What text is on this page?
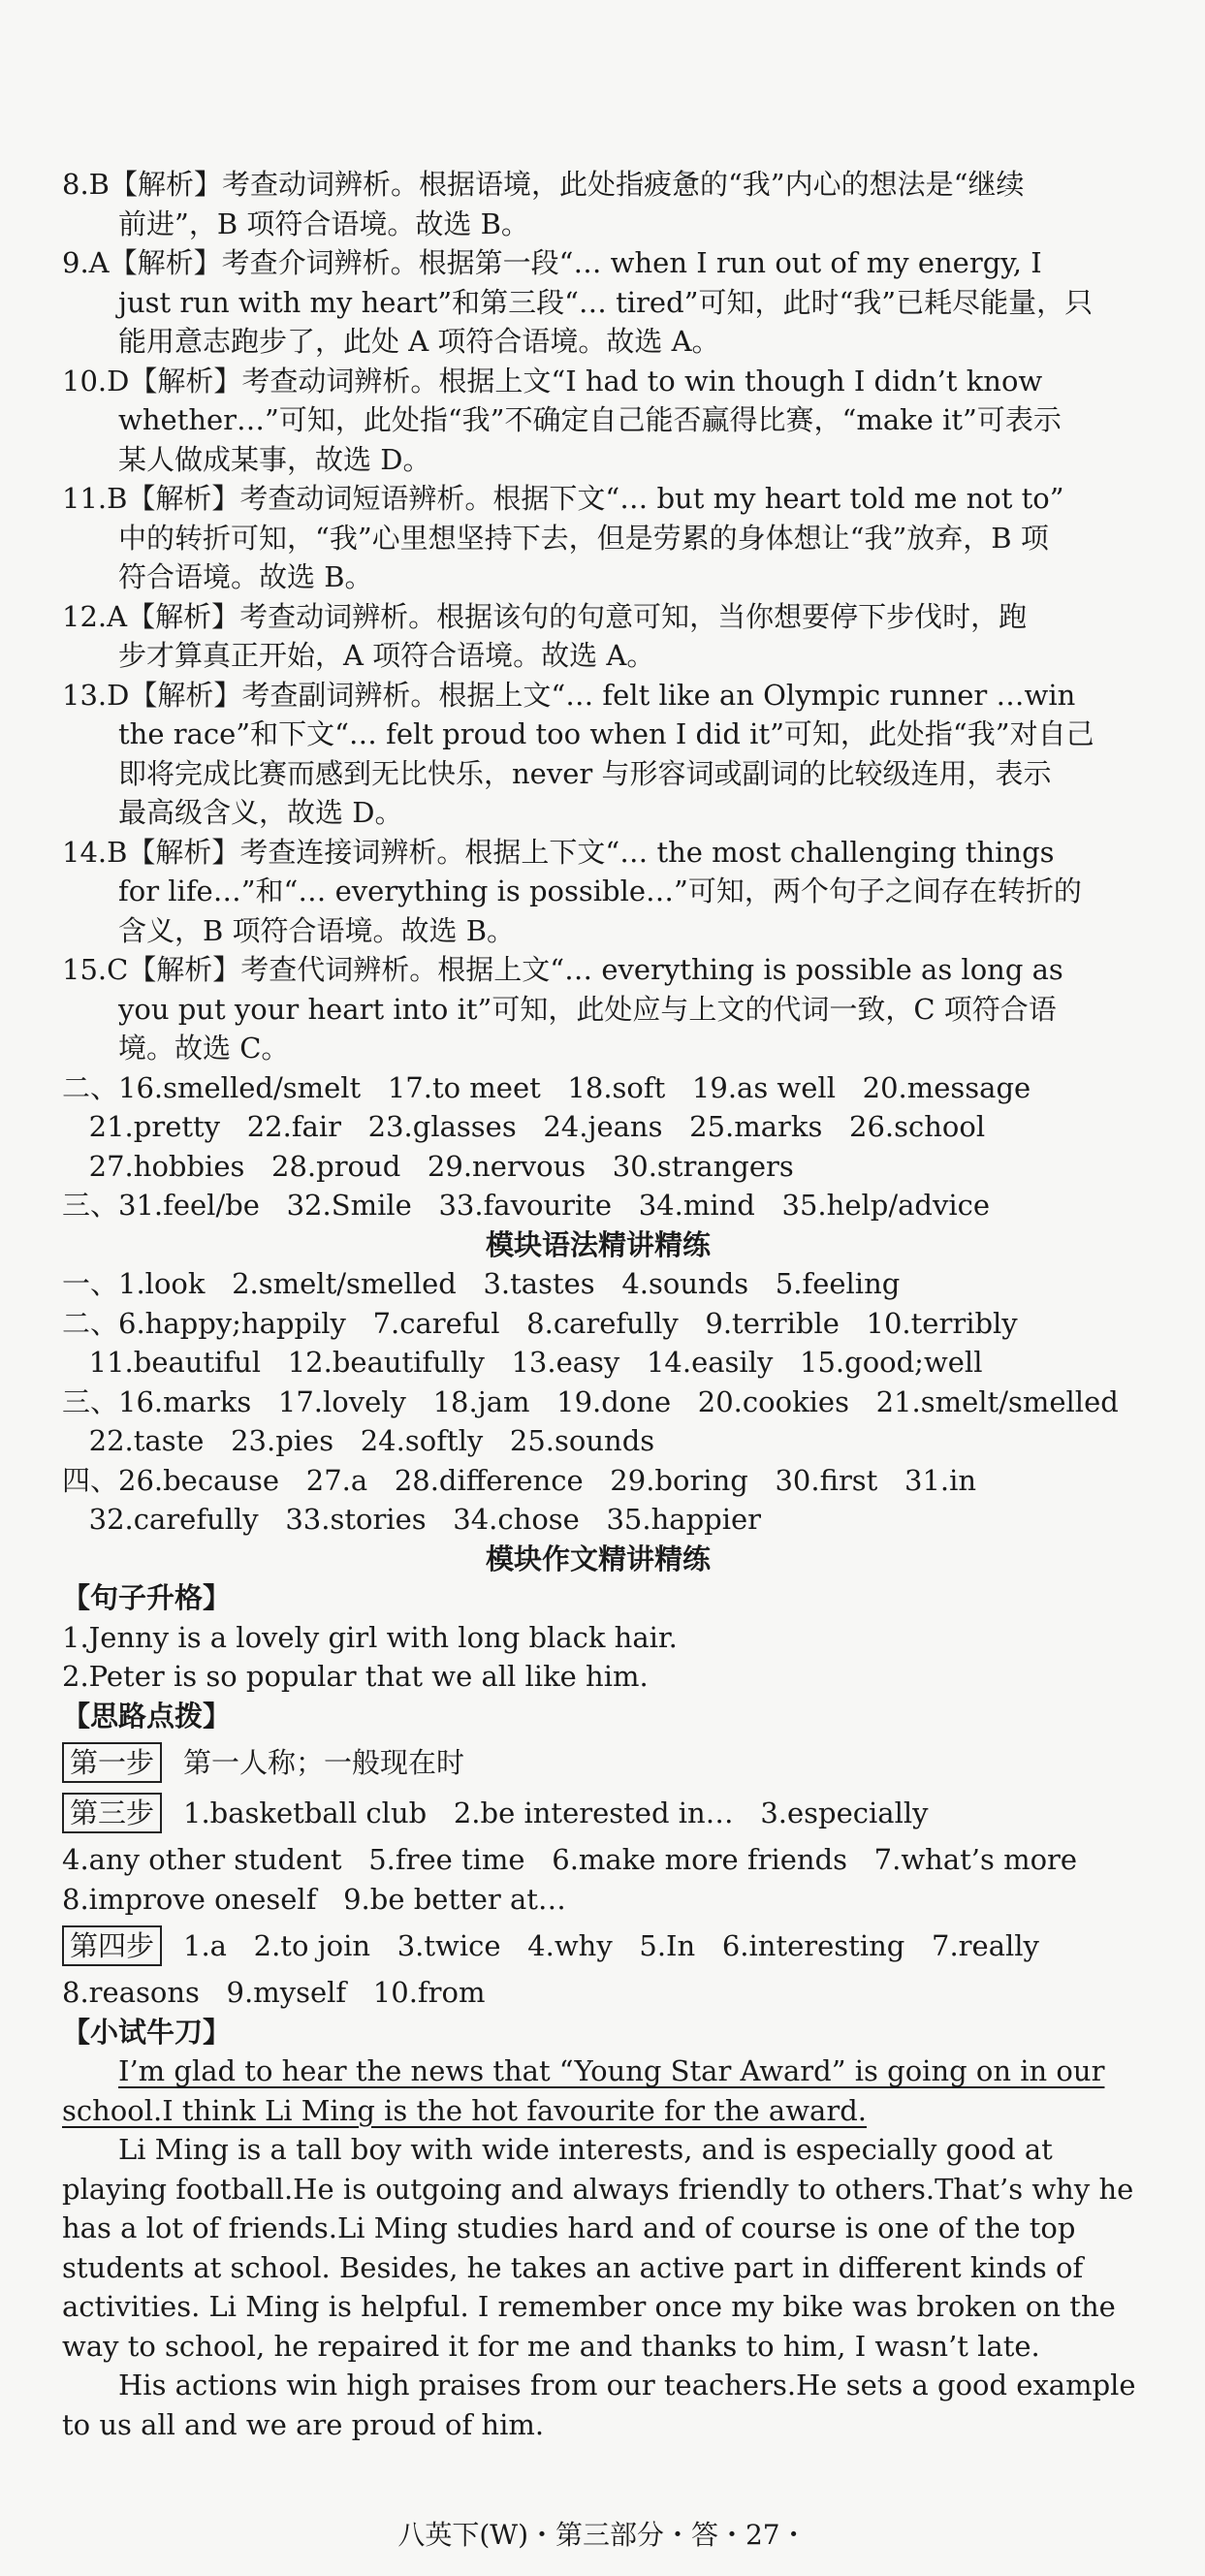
8.B【解析】考查动词辨析。根据语境，此处指疲惫的“我”内心的想法是“继续
前进”，B 项符合语境。故选 B。
9.A【解析】考查介词辨析。根据第一段“… when I run out of my energy, I
just run with my heart”和第三段“… tired”可知，此时“我”已耗尽能量，只
能用意志跑步了，此处 A 项符合语境。故选 A。
10.D【解析】考查动词辨析。根据上文“I had to win though I didn’t know
whether…”可知，此处指“我”不确定自己能否赢得比赛，“make it”可表示
某人做成某事，故选 D。
11.B【解析】考查动词短语辨析。根据下文“… but my heart told me not to”
中的转折可知，“我”心里想坚持下去，但是劳累的身体想让“我”放弃，B 项
符合语境。故选 B。
12.A【解析】考查动词辨析。根据该句的句意可知，当你想要停下步伐时，跑
步才算真正开始，A 项符合语境。故选 A。
13.D【解析】考查副词辨析。根据上文“… felt like an Olympic runner …win
the race”和下文“… felt proud too when I did it”可知，此处指“我”对自己
即将完成比赛而感到无比快乐，never 与形容词或副词的比较级连用，表示
最高级含义，故选 D。
14.B【解析】考查连接词辨析。根据上下文“… the most challenging things
for life…”和“… everything is possible…”可知，两个句子之间存在转折的
含义，B 项符合语境。故选 B。
15.C【解析】考查代词辨析。根据上文“… everything is possible as long as
you put your heart into it”可知，此处应与上文的代词一致，C 项符合语
境。故选 C。
二、16.smelled/smelt   17.to meet   18.soft   19.as well   20.message
21.pretty   22.fair   23.glasses   24.jeans   25.marks   26.school
27.hobbies   28.proud   29.nervous   30.strangers
三、31.feel/be   32.Smile   33.favourite   34.mind   35.help/advice
模块语法精讲精练
一、1.look   2.smelt/smelled   3.tastes   4.sounds   5.feeling
二、6.happy;happily   7.careful   8.carefully   9.terrible   10.terribly
11.beautiful   12.beautifully   13.easy   14.easily   15.good;well
三、16.marks   17.lovely   18.jam   19.done   20.cookies   21.smelt/smelled
22.taste   23.pies   24.softly   25.sounds
四、26.because   27.a   28.difference   29.boring   30.first   31.in
32.carefully   33.stories   34.chose   35.happier
模块作文精讲精练
【句子升格】
1.Jenny is a lovely girl with long black hair.
2.Peter is so popular that we all like him.
【思路点拨】
第一步 第一人称；一般现在时
第三步 1.basketball club   2.be interested in…   3.especially
4.any other student   5.free time   6.make more friends   7.what’s more
8.improve oneself   9.be better at…
第四步 1.a   2.to join   3.twice   4.why   5.In   6.interesting   7.really
8.reasons   9.myself   10.from
【小试牛刀】
I’m glad to hear the news that “Young Star Award” is going on in our
school.I think Li Ming is the hot favourite for the award.
Li Ming is a tall boy with wide interests, and is especially good at
playing football.He is outgoing and always friendly to others.That’s why he
has a lot of friends.Li Ming studies hard and of course is one of the top
students at school. Besides, he takes an active part in different kinds of
activities. Li Ming is helpful. I remember once my bike was broken on the
way to school, he repaired it for me and thanks to him, I wasn’t late.
His actions win high praises from our teachers.He sets a good example
to us all and we are proud of him.
八英下(W)・第三部分・答・27・
